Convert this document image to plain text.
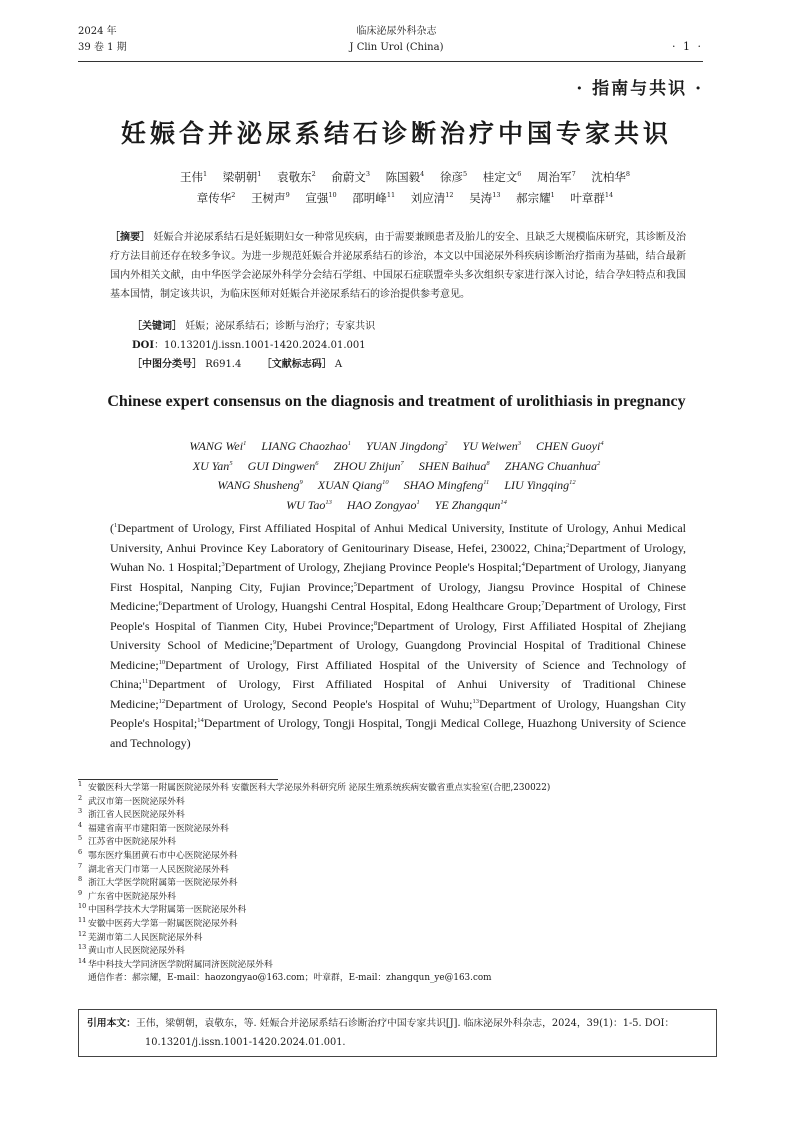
2024 年
39 卷 1 期
临床泌尿外科杂志
J Clin Urol (China)	· 1 ·
· 指南与共识 ·
妊娠合并泌尿系结石诊断治疗中国专家共识
王伟$^1$ 梁朝朝$^1$ 袁敬东$^2$ 俞蔚文$^3$ 陈国毅$^4$ 徐彦$^5$ 桂定文$^6$ 周治军$^7$ 沈柏华$^8$
章传华$^2$ 王树声$^9$ 宣强$^{10}$ 邵明峰$^{11}$ 刘应清$^{12}$ 吴涛$^{13}$ 郝宗耀$^1$ 叶章群$^{14}$
［摘要］ 妊娠合并泌尿系结石是妊娠期妇女一种常见疾病，由于需要兼顾患者及胎儿的安全、且缺乏大规模临床研究，其诊断及治疗方法目前还存在较多争议。为进一步规范妊娠合并泌尿系结石的诊治，本文以中国泌尿外科疾病诊断治疗指南为基础，结合最新国内外相关文献，由中华医学会泌尿外科学分会结石学组、中国尿石症联盟牵头多次组织专家进行深入讨论，结合孕妇特点和我国基本国情，制定该共识，为临床医师对妊娠合并泌尿系结石的诊治提供参考意见。
［关键词］ 妊娠；泌尿系结石；诊断与治疗；专家共识
DOI：10.13201/j.issn.1001-1420.2024.01.001
［中图分类号］ R691.4 ［文献标志码］ A
Chinese expert consensus on the diagnosis and treatment of urolithiasis in pregnancy
WANG Wei$^1$ LIANG Chaozhao$^1$ YUAN Jingdong$^2$ YU Weiwen$^3$ CHEN Guoyi$^4$
XU Yan$^5$ GUI Dingwen$^6$ ZHOU Zhijun$^7$ SHEN Baihua$^8$ ZHANG Chuanhua$^2$
WANG Shusheng$^9$ XUAN Qiang$^{10}$ SHAO Mingfeng$^{11}$ LIU Yingqing$^{12}$
WU Tao$^{13}$ HAO Zongyao$^1$ YE Zhangqun$^{14}$
($^1$Department of Urology, First Affiliated Hospital of Anhui Medical University, Institute of Urology, Anhui Medical University, Anhui Province Key Laboratory of Genitourinary Disease, Hefei, 230022, China;$^2$Department of Urology, Wuhan No. 1 Hospital;$^3$Department of Urology, Zhejiang Province People's Hospital;$^4$Department of Urology, Jianyang First Hospital, Nanping City, Fujian Province;$^5$Department of Urology, Jiangsu Province Hospital of Chinese Medicine;$^6$Department of Urology, Huangshi Central Hospital, Edong Healthcare Group;$^7$Department of Urology, First People's Hospital of Tianmen City, Hubei Province;$^8$Department of Urology, First Affiliated Hospital of Zhejiang University School of Medicine;$^9$Department of Urology, Guangdong Provincial Hospital of Traditional Chinese Medicine;$^{10}$Department of Urology, First Affiliated Hospital of the University of Science and Technology of China;$^{11}$Department of Urology, First Affiliated Hospital of Anhui University of Traditional Chinese Medicine;$^{12}$Department of Urology, Second People's Hospital of Wuhu;$^{13}$Department of Urology, Huangshan City People's Hospital;$^{14}$Department of Urology, Tongji Hospital, Tongji Medical College, Huazhong University of Science and Technology)
$^1$ 安徽医科大学第一附属医院泌尿外科 安徽医科大学泌尿外科研究所 泌尿生殖系统疾病安徽省重点实验室(合肥,230022)
$^2$ 武汉市第一医院泌尿外科
$^3$ 浙江省人民医院泌尿外科
$^4$ 福建省南平市建阳第一医院泌尿外科
$^5$ 江苏省中医院泌尿外科
$^6$ 鄂东医疗集团黄石市中心医院泌尿外科
$^7$ 湖北省天门市第一人民医院泌尿外科
$^8$ 浙江大学医学院附属第一医院泌尿外科
$^9$ 广东省中医院泌尿外科
$^{10}$ 中国科学技术大学附属第一医院泌尿外科
$^{11}$ 安徽中医药大学第一附属医院泌尿外科
$^{12}$ 芜湖市第二人民医院泌尿外科
$^{13}$ 黄山市人民医院泌尿外科
$^{14}$ 华中科技大学同济医学院附属同济医院泌尿外科
通信作者：郝宗耀，E-mail：haozongyao@163.com；叶章群，E-mail：zhangqun_ye@163.com
引用本文：王伟，梁朝朝，袁敬东，等. 妊娠合并泌尿系结石诊断治疗中国专家共识[J]. 临床泌尿外科杂志，2024，39(1)：1-5. DOI：10.13201/j.issn.1001-1420.2024.01.001.
